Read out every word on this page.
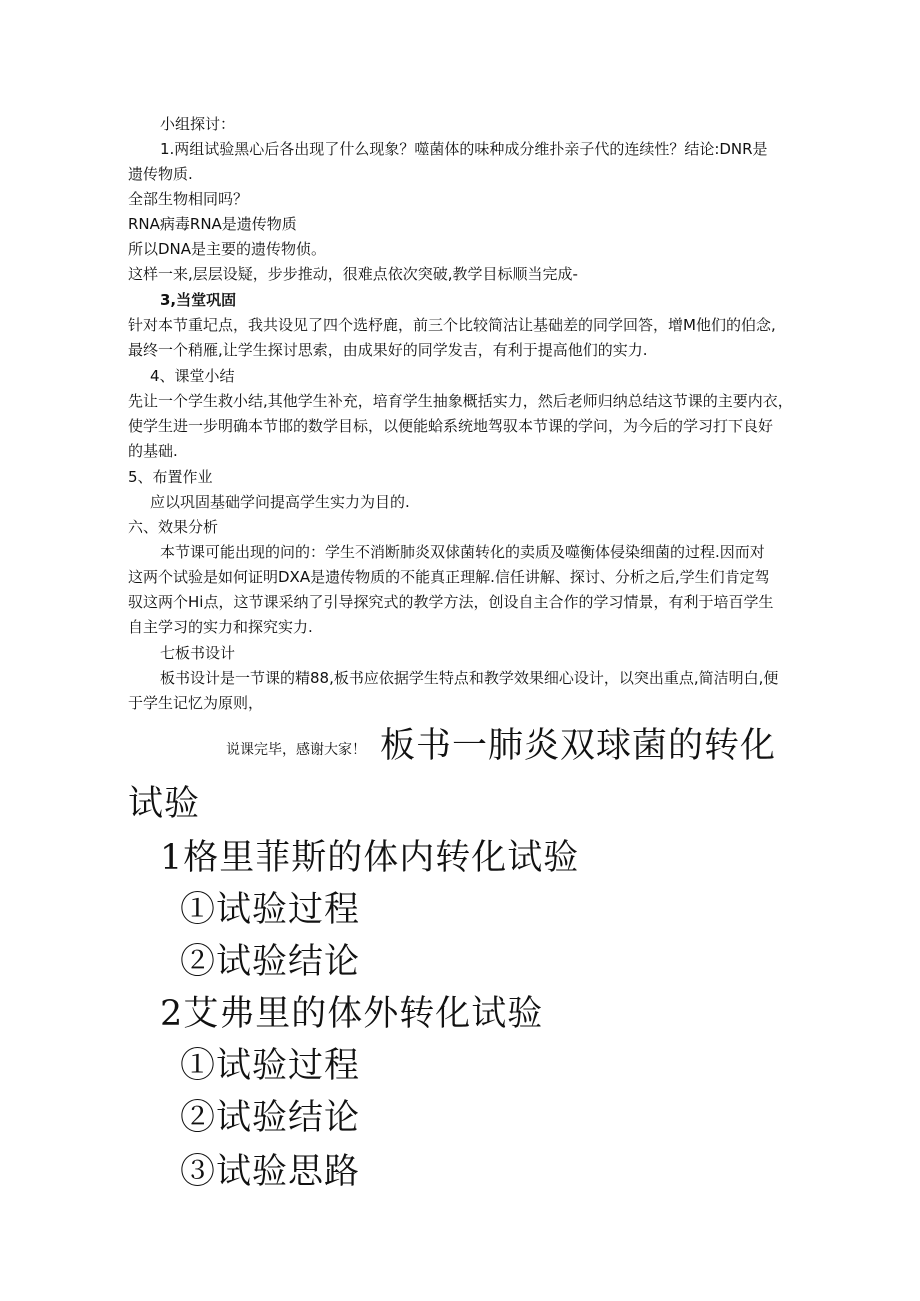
小组探讨：
1.两组试验黑心后各出现了什么现象？噬菌体的味种成分维扑亲子代的连续性？结论:DNR是
遗传物质.
全部生物相同吗？
RNA病毒RNA是遗传物质
所以DNA是主要的遗传物侦。
这样一来,层层设疑，步步推动，很难点依次突破,教学目标顺当完成-
3,当堂巩固
针对本节重圮点，我共设见了四个选杼鹿，前三个比较简沽让基础差的同学回答，增M他们的伯念,
最终一个稍雁,让学生探讨思索，由成果好的同学发吉，有利于提高他们的实力.
4、课堂小结
先让一个学生救小结,其他学生补充，培育学生抽象概括实力，然后老师归纳总结这节课的主要内衣，
使学生进一步明确本节邯的数学目标，以便能蛤系统地驾驭本节课的学问，为今后的学习打下良好
的基础.
5、布置作业
应以巩固基础学问提高学生实力为目的.
六、效果分析
本节课可能出现的问的：学生不消断肺炎双俅菌转化的卖质及噬衡体侵染细菌的过程.因而对
这两个试验是如何证明DXA是遗传物质的不能真正理解.信任讲解、探讨、分析之后,学生们肯定驾
驭这两个Hi点，这节课采纳了引导探究式的教学方法，创设自主合作的学习情景，有利于培百学生
自主学习的实力和探究实力.
七板书设计
板书设计是一节课的精88,板书应依据学生特点和教学效果细心设计，以突出重点,简洁明白,便
于学生记忆为原则，
说课完毕，感谢大家！ 板书一肺炎双球菌的转化
试验
1格里菲斯的体内转化试验
①试验过程
②试验结论
2艾弗里的体外转化试验
①试验过程
②试验结论
③试验思路
